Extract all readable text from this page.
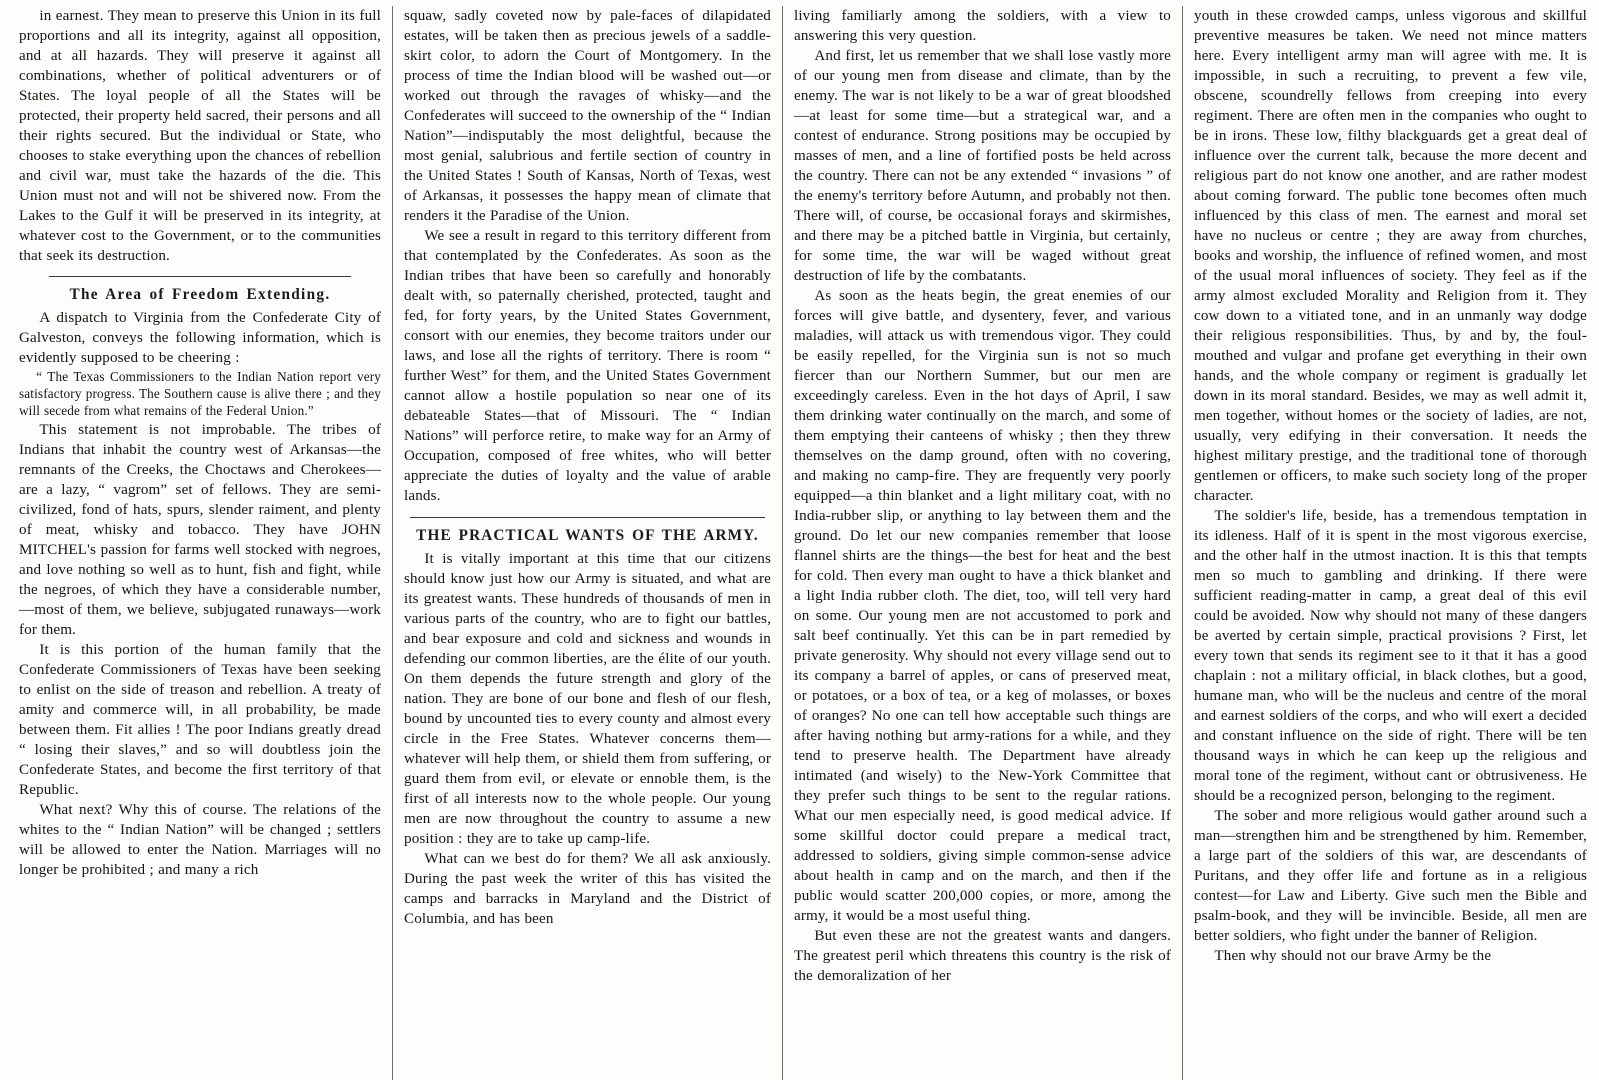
in earnest. They mean to preserve this Union in its full proportions and all its integrity, against all opposition, and at all hazards. They will preserve it against all combinations, whether of political adventurers or of States. The loyal people of all the States will be protected, their property held sacred, their persons and all their rights secured. But the individual or State, who chooses to stake everything upon the chances of rebellion and civil war, must take the hazards of the die. This Union must not and will not be shivered now. From the Lakes to the Gulf it will be preserved in its integrity, at whatever cost to the Government, or to the communities that seek its destruction.

The Area of Freedom Extending.

A dispatch to Virginia from the Confederate City of Galveston, conveys the following information, which is evidently supposed to be cheering :

“ The Texas Commissioners to the Indian Nation report very satisfactory progress. The Southern cause is alive there ; and they will secede from what remains of the Federal Union.”

This statement is not improbable. The tribes of Indians that inhabit the country west of Arkansas—the remnants of the Creeks, the Choctaws and Cherokees—are a lazy, “ vagrom” set of fellows. They are semi-civilized, fond of hats, spurs, slender raiment, and plenty of meat, whisky and tobacco. They have JOHN MITCHEL's passion for farms well stocked with negroes, and love nothing so well as to hunt, fish and fight, while the negroes, of which they have a considerable number,—most of them, we believe, subjugated runaways—work for them.

It is this portion of the human family that the Confederate Commissioners of Texas have been seeking to enlist on the side of treason and rebellion. A treaty of amity and commerce will, in all probability, be made between them. Fit allies ! The poor Indians greatly dread “ losing their slaves,” and so will doubtless join the Confederate States, and become the first territory of that Republic.

What next? Why this of course. The relations of the whites to the “ Indian Nation” will be changed ; settlers will be allowed to enter the Nation. Marriages will no longer be prohibited ; and many a rich

squaw, sadly coveted now by pale-faces of dilapidated estates, will be taken then as precious jewels of a saddle-skirt color, to adorn the Court of Montgomery. In the process of time the Indian blood will be washed out—or worked out through the ravages of whisky—and the Confederates will succeed to the ownership of the “ Indian Nation”—indisputably the most delightful, because the most genial, salubrious and fertile section of country in the United States ! South of Kansas, North of Texas, west of Arkansas, it possesses the happy mean of climate that renders it the Paradise of the Union.

We see a result in regard to this territory different from that contemplated by the Confederates. As soon as the Indian tribes that have been so carefully and honorably dealt with, so paternally cherished, protected, taught and fed, for forty years, by the United States Government, consort with our enemies, they become traitors under our laws, and lose all the rights of territory. There is room “ further West” for them, and the United States Government cannot allow a hostile population so near one of its debateable States—that of Missouri. The “ Indian Nations” will perforce retire, to make way for an Army of Occupation, composed of free whites, who will better appreciate the duties of loyalty and the value of arable lands.

THE PRACTICAL WANTS OF THE ARMY.

It is vitally important at this time that our citizens should know just how our Army is situated, and what are its greatest wants. These hundreds of thousands of men in various parts of the country, who are to fight our battles, and bear exposure and cold and sickness and wounds in defending our common liberties, are the élite of our youth. On them depends the future strength and glory of the nation. They are bone of our bone and flesh of our flesh, bound by uncounted ties to every county and almost every circle in the Free States. Whatever concerns them—whatever will help them, or shield them from suffering, or guard them from evil, or elevate or ennoble them, is the first of all interests now to the whole people. Our young men are now throughout the country to assume a new position : they are to take up camp-life.

What can we best do for them? We all ask anxiously. During the past week the writer of this has visited the camps and barracks in Maryland and the District of Columbia, and has been

living familiarly among the soldiers, with a view to answering this very question.

And first, let us remember that we shall lose vastly more of our young men from disease and climate, than by the enemy. The war is not likely to be a war of great bloodshed—at least for some time—but a strategical war, and a contest of endurance. Strong positions may be occupied by masses of men, and a line of fortified posts be held across the country. There can not be any extended “ invasions ” of the enemy's territory before Autumn, and probably not then. There will, of course, be occasional forays and skirmishes, and there may be a pitched battle in Virginia, but certainly, for some time, the war will be waged without great destruction of life by the combatants.

As soon as the heats begin, the great enemies of our forces will give battle, and dysentery, fever, and various maladies, will attack us with tremendous vigor. They could be easily repelled, for the Virginia sun is not so much fiercer than our Northern Summer, but our men are exceedingly careless. Even in the hot days of April, I saw them drinking water continually on the march, and some of them emptying their canteens of whisky ; then they threw themselves on the damp ground, often with no covering, and making no camp-fire. They are frequently very poorly equipped—a thin blanket and a light military coat, with no India-rubber slip, or anything to lay between them and the ground. Do let our new companies remember that loose flannel shirts are the things—the best for heat and the best for cold. Then every man ought to have a thick blanket and a light India rubber cloth. The diet, too, will tell very hard on some. Our young men are not accustomed to pork and salt beef continually. Yet this can be in part remedied by private generosity. Why should not every village send out to its company a barrel of apples, or cans of preserved meat, or potatoes, or a box of tea, or a keg of molasses, or boxes of oranges? No one can tell how acceptable such things are after having nothing but army-rations for a while, and they tend to preserve health. The Department have already intimated (and wisely) to the New-York Committee that they prefer such things to be sent to the regular rations. What our men especially need, is good medical advice. If some skillful doctor could prepare a medical tract, addressed to soldiers, giving simple common-sense advice about health in camp and on the march, and then if the public would scatter 200,000 copies, or more, among the army, it would be a most useful thing.

But even these are not the greatest wants and dangers. The greatest peril which threatens this country is the risk of the demoralization of her

youth in these crowded camps, unless vigorous and skillful preventive measures be taken. We need not mince matters here. Every intelligent army man will agree with me. It is impossible, in such a recruiting, to prevent a few vile, obscene, scoundrelly fellows from creeping into every regiment. There are often men in the companies who ought to be in irons. These low, filthy blackguards get a great deal of influence over the current talk, because the more decent and religious part do not know one another, and are rather modest about coming forward. The public tone becomes often much influenced by this class of men. The earnest and moral set have no nucleus or centre ; they are away from churches, books and worship, the influence of refined women, and most of the usual moral influences of society. They feel as if the army almost excluded Morality and Religion from it. They cow down to a vitiated tone, and in an unmanly way dodge their religious responsibilities. Thus, by and by, the foul-mouthed and vulgar and profane get everything in their own hands, and the whole company or regiment is gradually let down in its moral standard. Besides, we may as well admit it, men together, without homes or the society of ladies, are not, usually, very edifying in their conversation. It needs the highest military prestige, and the traditional tone of thorough gentlemen or officers, to make such society long of the proper character.

The soldier's life, beside, has a tremendous temptation in its idleness. Half of it is spent in the most vigorous exercise, and the other half in the utmost inaction. It is this that tempts men so much to gambling and drinking. If there were sufficient reading-matter in camp, a great deal of this evil could be avoided. Now why should not many of these dangers be averted by certain simple, practical provisions ? First, let every town that sends its regiment see to it that it has a good chaplain : not a military official, in black clothes, but a good, humane man, who will be the nucleus and centre of the moral and earnest soldiers of the corps, and who will exert a decided and constant influence on the side of right. There will be ten thousand ways in which he can keep up the religious and moral tone of the regiment, without cant or obtrusiveness. He should be a recognized person, belonging to the regiment.

The sober and more religious would gather around such a man—strengthen him and be strengthened by him. Remember, a large part of the soldiers of this war, are descendants of Puritans, and they offer life and fortune as in a religious contest—for Law and Liberty. Give such men the Bible and psalm-book, and they will be invincible. Beside, all men are better soldiers, who fight under the banner of Religion.

Then why should not our brave Army be the
